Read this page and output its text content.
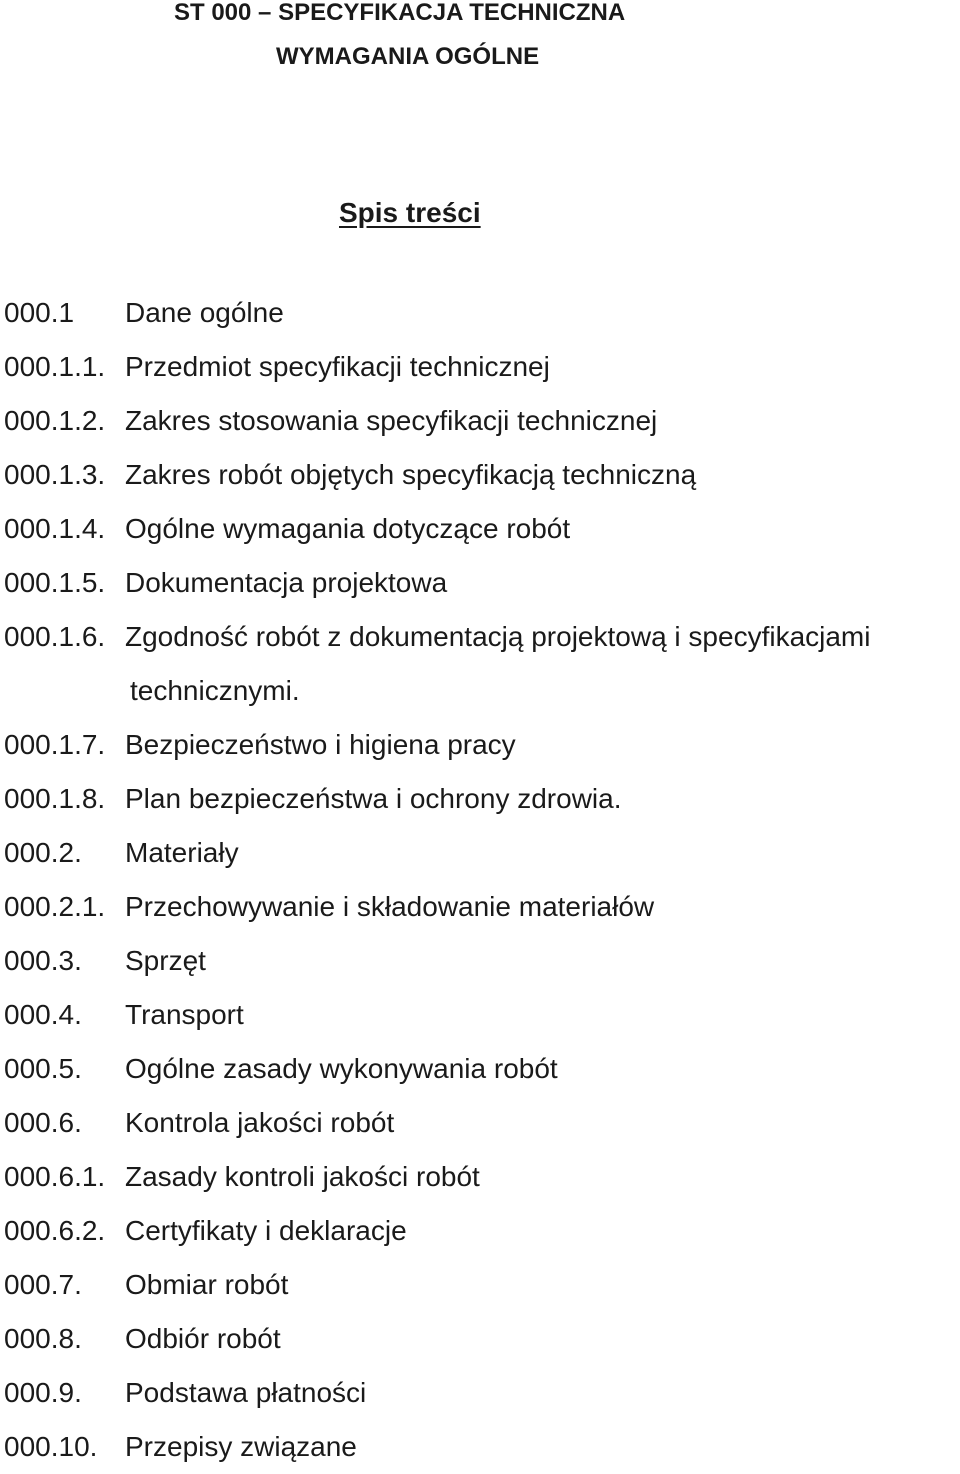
ST 000 – SPECYFIKACJA TECHNICZNA
WYMAGANIA OGÓLNE
Spis treści
000.1 Dane ogólne
000.1.1. Przedmiot specyfikacji technicznej
000.1.2. Zakres stosowania specyfikacji technicznej
000.1.3. Zakres robót objętych specyfikacją techniczną
000.1.4. Ogólne wymagania dotyczące robót
000.1.5. Dokumentacja projektowa
000.1.6. Zgodność robót z dokumentacją projektową i specyfikacjami
technicznymi.
000.1.7. Bezpieczeństwo i higiena pracy
000.1.8. Plan bezpieczeństwa i ochrony zdrowia.
000.2. Materiały
000.2.1. Przechowywanie i składowanie materiałów
000.3. Sprzęt
000.4. Transport
000.5. Ogólne zasady wykonywania robót
000.6. Kontrola jakości robót
000.6.1. Zasady kontroli jakości robót
000.6.2. Certyfikaty i deklaracje
000.7. Obmiar robót
000.8. Odbiór robót
000.9. Podstawa płatności
000.10. Przepisy związane
